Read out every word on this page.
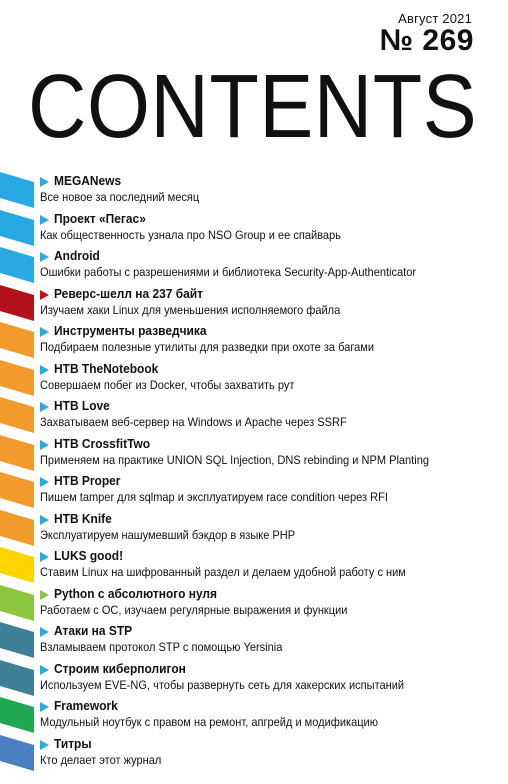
Август 2021
№ 269
CONTENTS
MEGANews
Все новое за последний месяц
Проект «Пегас»
Как общественность узнала про NSO Group и ее спайварь
Android
Ошибки работы с разрешениями и библиотека Security-App-Authenticator
Реверс-шелл на 237 байт
Изучаем хаки Linux для уменьшения исполняемого файла
Инструменты разведчика
Подбираем полезные утилиты для разведки при охоте за багами
HTB TheNotebook
Совершаем побег из Docker, чтобы захватить рут
HTB Love
Захватываем веб-сервер на Windows и Apache через SSRF
HTB CrossfitTwo
Применяем на практике UNION SQL Injection, DNS rebinding и NPM Planting
HTB Proper
Пишем tamper для sqlmap и эксплуатируем race condition через RFI
HTB Knife
Эксплуатируем нашумевший бэкдор в языке PHP
LUKS good!
Ставим Linux на шифрованный раздел и делаем удобной работу с ним
Python с абсолютного нуля
Работаем с ОС, изучаем регулярные выражения и функции
Атаки на STP
Взламываем протокол STP с помощью Yersinia
Строим киберполигон
Используем EVE-NG, чтобы развернуть сеть для хакерских испытаний
Framework
Модульный ноутбук с правом на ремонт, апгрейд и модификацию
Титры
Кто делает этот журнал
